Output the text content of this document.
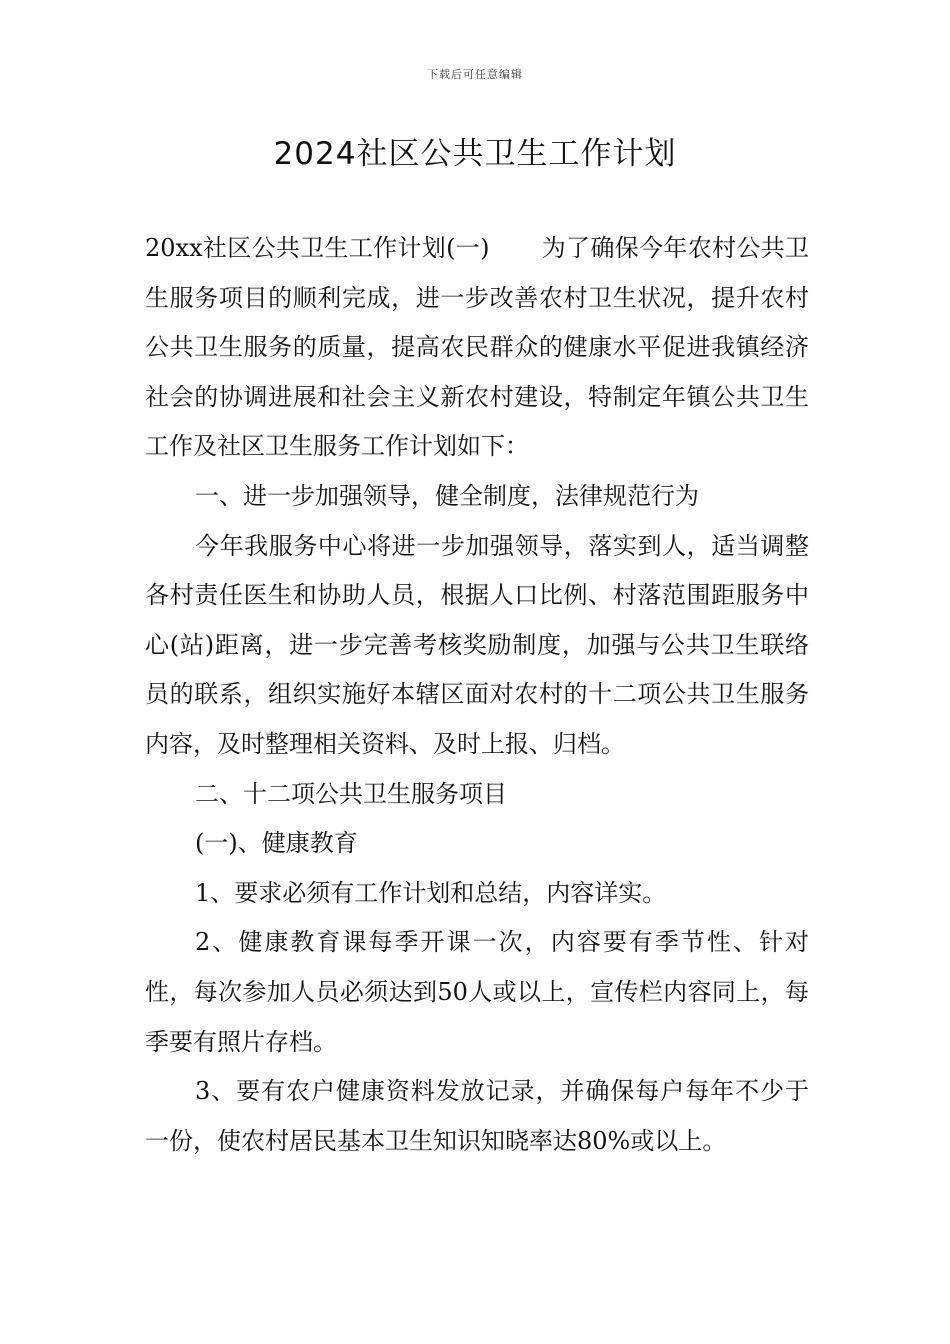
下载后可任意编辑
2024社区公共卫生工作计划

20xx社区公共卫生工作计划(一) 为了确保今年农村公共卫生服务项目的顺利完成，进一步改善农村卫生状况，提升农村公共卫生服务的质量，提高农民群众的健康水平促进我镇经济社会的协调进展和社会主义新农村建设，特制定年镇公共卫生工作及社区卫生服务工作计划如下：

一、进一步加强领导，健全制度，法律规范行为

今年我服务中心将进一步加强领导，落实到人，适当调整各村责任医生和协助人员，根据人口比例、村落范围距服务中心(站)距离，进一步完善考核奖励制度，加强与公共卫生联络员的联系，组织实施好本辖区面对农村的十二项公共卫生服务内容，及时整理相关资料、及时上报、归档。

二、十二项公共卫生服务项目

(一)、健康教育

1、要求必须有工作计划和总结，内容详实。

2、健康教育课每季开课一次，内容要有季节性、针对性，每次参加人员必须达到50人或以上，宣传栏内容同上，每季要有照片存档。

3、要有农户健康资料发放记录，并确保每户每年不少于一份，使农村居民基本卫生知识知晓率达80%或以上。
